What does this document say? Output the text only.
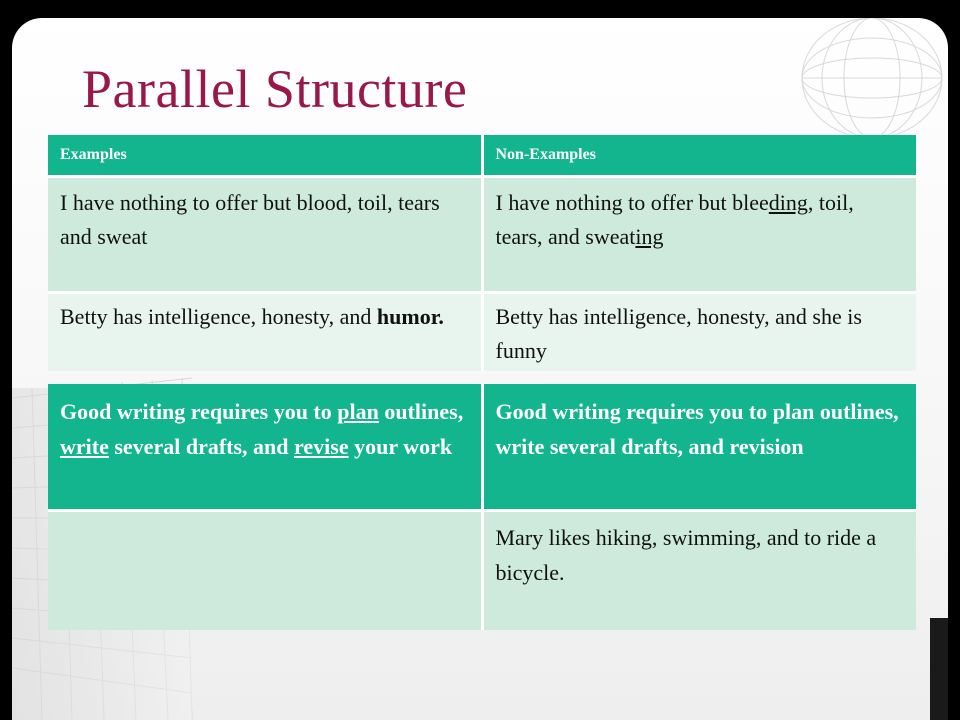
Parallel Structure
Examples	Non-Examples
I have nothing to offer but blood, toil, tears and sweat	I have nothing to offer but bleeding, toil, tears, and sweating
Betty has intelligence, honesty, and humor.	Betty has intelligence, honesty, and she is funny
Good writing requires you to plan outlines, write several drafts, and revise your work	Good writing requires you to plan outlines, write several drafts, and revision
	Mary likes hiking, swimming, and to ride a bicycle.
